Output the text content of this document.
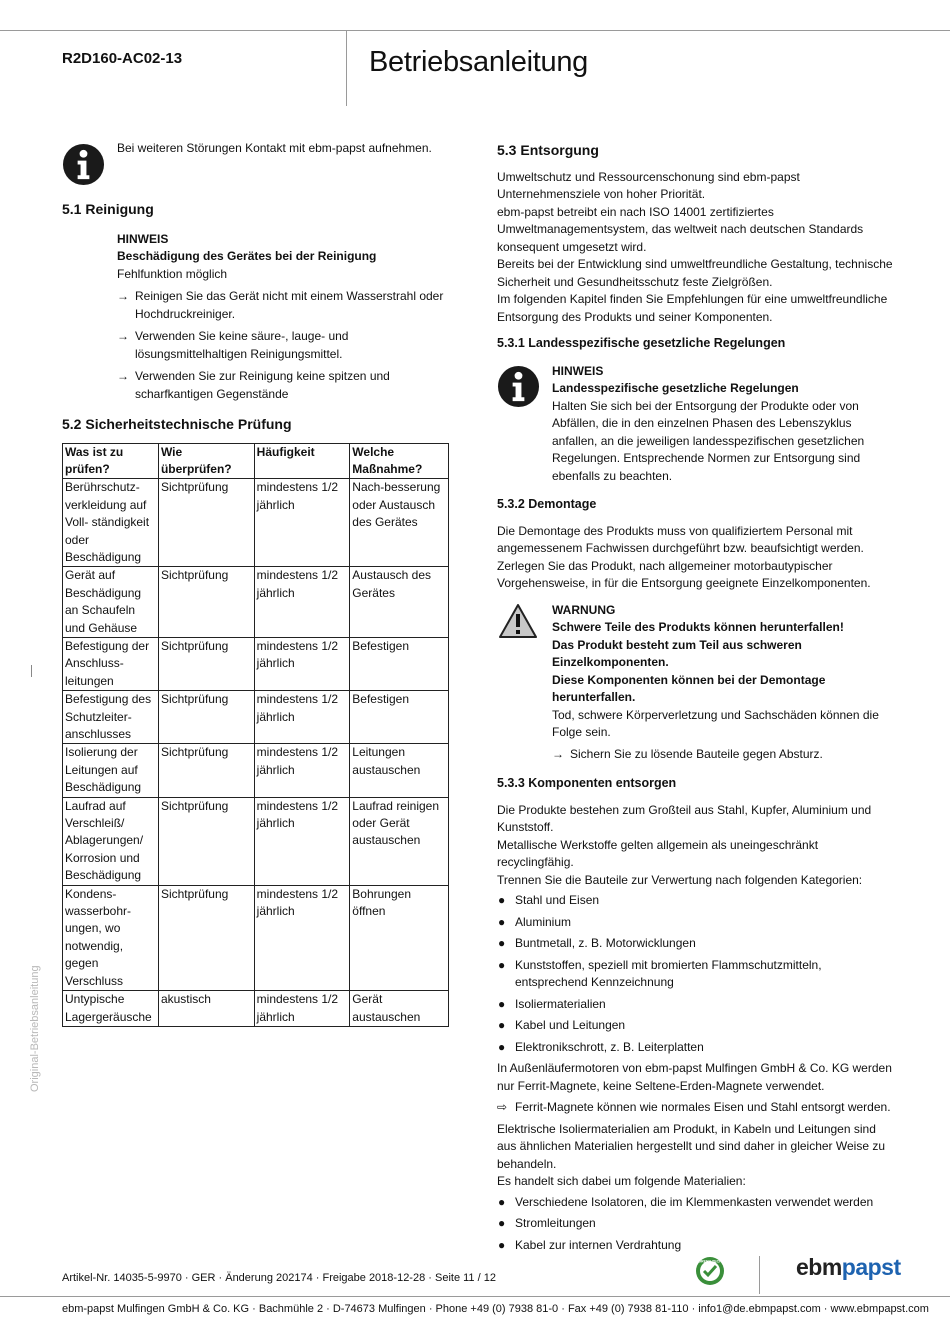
R2D160-AC02-13	Betriebsanleitung

Bei weiteren Störungen Kontakt mit ebm-papst aufnehmen.

5.1 Reinigung

HINWEIS

Beschädigung des Gerätes bei der Reinigung

Fehlfunktion möglich

→ Reinigen Sie das Gerät nicht mit einem Wasserstrahl oder Hochdruckreiniger.
→ Verwenden Sie keine säure-, lauge- und lösungsmittelhaltigen Reinigungsmittel.
→ Verwenden Sie zur Reinigung keine spitzen und scharfkantigen Gegenstände
5.2 Sicherheitstechnische Prüfung
Was ist zu prüfen?	Wie überprüfen?	Häufigkeit	Welche Maßnahme?
Berührschutz-verkleidung auf Voll- ständigkeit oder Beschädigung	Sichtprüfung	mindestens 1/2 jährlich	Nach-besserung oder Austausch des Gerätes
Gerät auf Beschädigung an Schaufeln und Gehäuse	Sichtprüfung	mindestens 1/2 jährlich	Austausch des Gerätes
Befestigung der Anschluss-leitungen	Sichtprüfung	mindestens 1/2 jährlich	Befestigen
Befestigung des Schutzleiter-anschlusses	Sichtprüfung	mindestens 1/2 jährlich	Befestigen
Isolierung der Leitungen auf Beschädigung	Sichtprüfung	mindestens 1/2 jährlich	Leitungen austauschen
Laufrad auf Verschleiß/ Ablagerungen/ Korrosion und Beschädigung	Sichtprüfung	mindestens 1/2 jährlich	Laufrad reinigen oder Gerät austauschen
Kondens-wasserbohr-ungen, wo notwendig, gegen Verschluss	Sichtprüfung	mindestens 1/2 jährlich	Bohrungen öffnen
Untypische Lagergeräusche	akustisch	mindestens 1/2 jährlich	Gerät austauschen
5.3 Entsorgung

Umweltschutz und Ressourcenschonung sind ebm-papst Unternehmensziele von hoher Priorität.

ebm-papst betreibt ein nach ISO 14001 zertifiziertes Umweltmanagementsystem, das weltweit nach deutschen Standards konsequent umgesetzt wird.

Bereits bei der Entwicklung sind umweltfreundliche Gestaltung, technische Sicherheit und Gesundheitsschutz feste Zielgrößen.

Im folgenden Kapitel finden Sie Empfehlungen für eine umweltfreundliche Entsorgung des Produkts und seiner Komponenten.

5.3.1 Landesspezifische gesetzliche Regelungen

HINWEIS

Landesspezifische gesetzliche Regelungen

Halten Sie sich bei der Entsorgung der Produkte oder von Abfällen, die in den einzelnen Phasen des Lebenszyklus anfallen, an die jeweiligen landesspezifischen gesetzlichen Regelungen. Entsprechende Normen zur Entsorgung sind ebenfalls zu beachten.

5.3.2 Demontage

Die Demontage des Produkts muss von qualifiziertem Personal mit angemessenem Fachwissen durchgeführt bzw. beaufsichtigt werden. Zerlegen Sie das Produkt, nach allgemeiner motorbautypischer Vorgehensweise, in für die Entsorgung geeignete Einzelkomponenten.

WARNUNG

Schwere Teile des Produkts können herunterfallen!

Das Produkt besteht zum Teil aus schweren Einzelkomponenten.

Diese Komponenten können bei der Demontage herunterfallen.

Tod, schwere Körperverletzung und Sachschäden können die Folge sein.

→ Sichern Sie zu lösende Bauteile gegen Absturz.
5.3.3 Komponenten entsorgen

Die Produkte bestehen zum Großteil aus Stahl, Kupfer, Aluminium und Kunststoff.

Metallische Werkstoffe gelten allgemein als uneingeschränkt recyclingfähig.

Trennen Sie die Bauteile zur Verwertung nach folgenden Kategorien:

● Stahl und Eisen
● Aluminium
● Buntmetall, z. B. Motorwicklungen
● Kunststoffen, speziell mit bromierten Flammschutzmitteln, entsprechend Kennzeichnung
● Isoliermaterialien
● Kabel und Leitungen
● Elektronikschrott, z. B. Leiterplatten

In Außenläufermotoren von ebm-papst Mulfingen GmbH & Co. KG werden nur Ferrit-Magnete, keine Seltene-Erden-Magnete verwendet.

⇨ Ferrit-Magnete können wie normales Eisen und Stahl entsorgt werden.

Elektrische Isoliermaterialien am Produkt, in Kabeln und Leitungen sind aus ähnlichen Materialien hergestellt und sind daher in gleicher Weise zu behandeln.

Es handelt sich dabei um folgende Materialien:

● Verschiedene Isolatoren, die im Klemmenkasten verwendet werden
● Stromleitungen
● Kabel zur internen Verdrahtung
Original-Betriebsanleitung
Artikel-Nr. 14035-5-9970 · GER · Änderung 202174 · Freigabe 2018-12-28 · Seite 11 / 12
GREEN TECH	ebmpapst
ebm-papst Mulfingen GmbH & Co. KG · Bachmühle 2 · D-74673 Mulfingen · Phone +49 (0) 7938 81-0 · Fax +49 (0) 7938 81-110 · info1@de.ebmpapst.com · www.ebmpapst.com
